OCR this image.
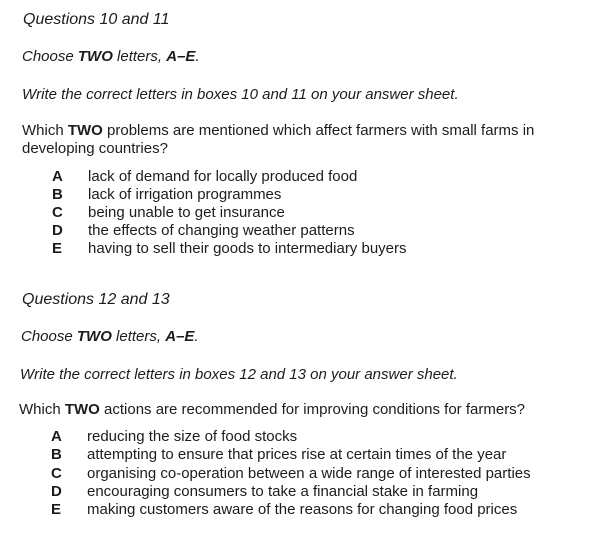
Questions 10 and 11
Choose TWO letters, A–E.
Write the correct letters in boxes 10 and 11 on your answer sheet.
Which TWO problems are mentioned which affect farmers with small farms in
developing countries?
A	lack of demand for locally produced food
B	lack of irrigation programmes
C	being unable to get insurance
D	the effects of changing weather patterns
E	having to sell their goods to intermediary buyers
Questions 12 and 13
Choose TWO letters, A–E.
Write the correct letters in boxes 12 and 13 on your answer sheet.
Which TWO actions are recommended for improving conditions for farmers?
A	reducing the size of food stocks
B	attempting to ensure that prices rise at certain times of the year
C	organising co-operation between a wide range of interested parties
D	encouraging consumers to take a financial stake in farming
E	making customers aware of the reasons for changing food prices
